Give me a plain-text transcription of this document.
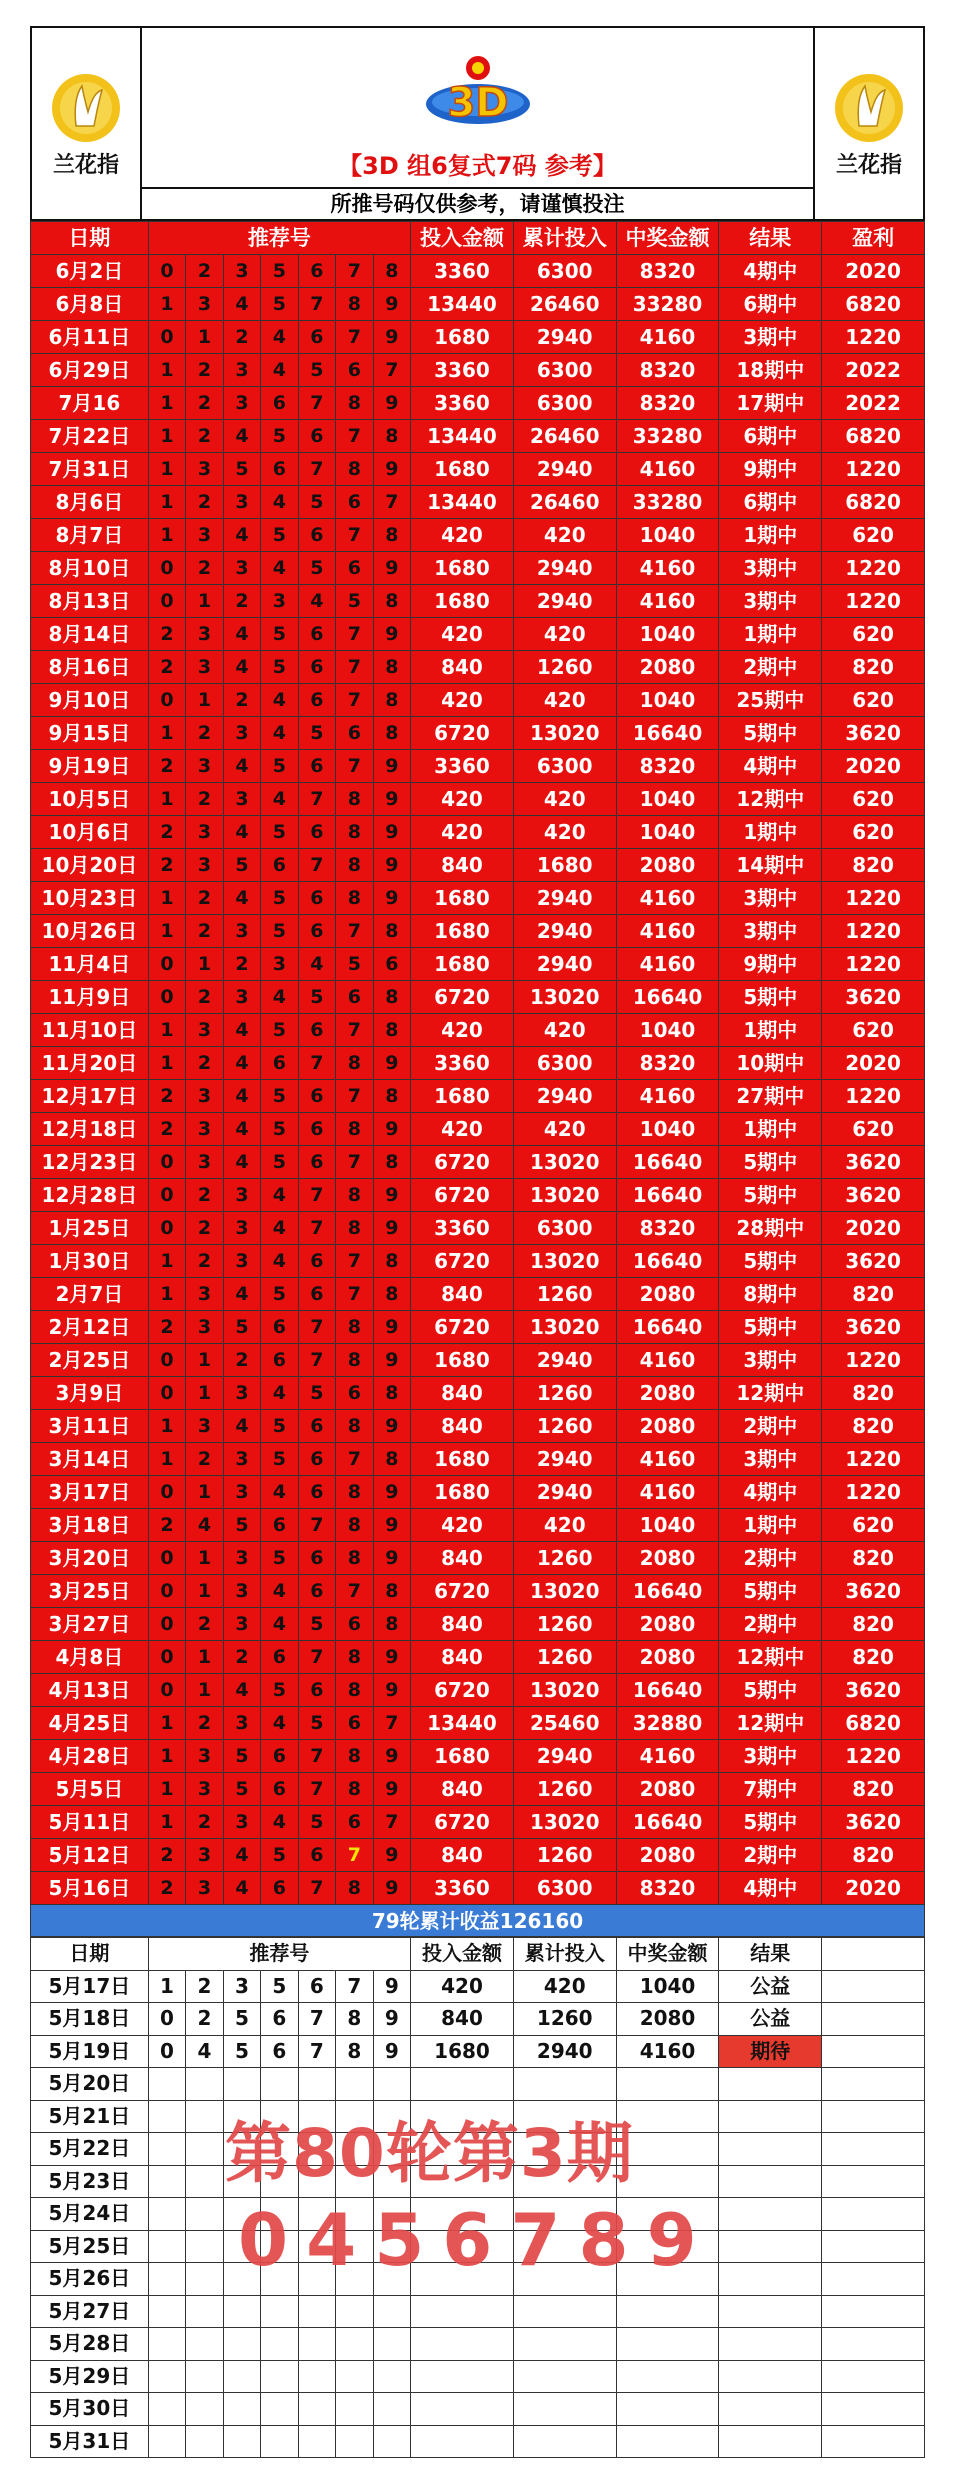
兰花指
3D
【3D 组6复式7码 参考】
所推号码仅供参考，请谨慎投注
兰花指
日期	推荐号							投入金额	累计投入	中奖金额	结果	盈利
6月2日	0	2	3	5	6	7	8	3360	6300	8320	4期中	2020
6月8日	1	3	4	5	7	8	9	13440	26460	33280	6期中	6820
6月11日	0	1	2	4	6	7	9	1680	2940	4160	3期中	1220
6月29日	1	2	3	4	5	6	7	3360	6300	8320	18期中	2022
7月16	1	2	3	6	7	8	9	3360	6300	8320	17期中	2022
7月22日	1	2	4	5	6	7	8	13440	26460	33280	6期中	6820
7月31日	1	3	5	6	7	8	9	1680	2940	4160	9期中	1220
8月6日	1	2	3	4	5	6	7	13440	26460	33280	6期中	6820
8月7日	1	3	4	5	6	7	8	420	420	1040	1期中	620
8月10日	0	2	3	4	5	6	9	1680	2940	4160	3期中	1220
8月13日	0	1	2	3	4	5	8	1680	2940	4160	3期中	1220
8月14日	2	3	4	5	6	7	9	420	420	1040	1期中	620
8月16日	2	3	4	5	6	7	8	840	1260	2080	2期中	820
9月10日	0	1	2	4	6	7	8	420	420	1040	25期中	620
9月15日	1	2	3	4	5	6	8	6720	13020	16640	5期中	3620
9月19日	2	3	4	5	6	7	9	3360	6300	8320	4期中	2020
10月5日	1	2	3	4	7	8	9	420	420	1040	12期中	620
10月6日	2	3	4	5	6	8	9	420	420	1040	1期中	620
10月20日	2	3	5	6	7	8	9	840	1680	2080	14期中	820
10月23日	1	2	4	5	6	8	9	1680	2940	4160	3期中	1220
10月26日	1	2	3	5	6	7	8	1680	2940	4160	3期中	1220
11月4日	0	1	2	3	4	5	6	1680	2940	4160	9期中	1220
11月9日	0	2	3	4	5	6	8	6720	13020	16640	5期中	3620
11月10日	1	3	4	5	6	7	8	420	420	1040	1期中	620
11月20日	1	2	4	6	7	8	9	3360	6300	8320	10期中	2020
12月17日	2	3	4	5	6	7	8	1680	2940	4160	27期中	1220
12月18日	2	3	4	5	6	8	9	420	420	1040	1期中	620
12月23日	0	3	4	5	6	7	8	6720	13020	16640	5期中	3620
12月28日	0	2	3	4	7	8	9	6720	13020	16640	5期中	3620
1月25日	0	2	3	4	7	8	9	3360	6300	8320	28期中	2020
1月30日	1	2	3	4	6	7	8	6720	13020	16640	5期中	3620
2月7日	1	3	4	5	6	7	8	840	1260	2080	8期中	820
2月12日	2	3	5	6	7	8	9	6720	13020	16640	5期中	3620
2月25日	0	1	2	6	7	8	9	1680	2940	4160	3期中	1220
3月9日	0	1	3	4	5	6	8	840	1260	2080	12期中	820
3月11日	1	3	4	5	6	8	9	840	1260	2080	2期中	820
3月14日	1	2	3	5	6	7	8	1680	2940	4160	3期中	1220
3月17日	0	1	3	4	6	8	9	1680	2940	4160	4期中	1220
3月18日	2	4	5	6	7	8	9	420	420	1040	1期中	620
3月20日	0	1	3	5	6	8	9	840	1260	2080	2期中	820
3月25日	0	1	3	4	6	7	8	6720	13020	16640	5期中	3620
3月27日	0	2	3	4	5	6	8	840	1260	2080	2期中	820
4月8日	0	1	2	6	7	8	9	840	1260	2080	12期中	820
4月13日	0	1	4	5	6	8	9	6720	13020	16640	5期中	3620
4月25日	1	2	3	4	5	6	7	13440	25460	32880	12期中	6820
4月28日	1	3	5	6	7	8	9	1680	2940	4160	3期中	1220
5月5日	1	3	5	6	7	8	9	840	1260	2080	7期中	820
5月11日	1	2	3	4	5	6	7	6720	13020	16640	5期中	3620
5月12日	2	3	4	5	6	7	9	840	1260	2080	2期中	820
5月16日	2	3	4	6	7	8	9	3360	6300	8320	4期中	2020
79轮累计收益126160
日期	推荐号							投入金额	累计投入	中奖金额	结果	
5月17日	1	2	3	5	6	7	9	420	420	1040	公益	
5月18日	0	2	5	6	7	8	9	840	1260	2080	公益	
5月19日	0	4	5	6	7	8	9	1680	2940	4160	期待	
5月20日												
5月21日												
5月22日												
5月23日												
5月24日												
5月25日												
5月26日												
5月27日												
5月28日												
5月29日												
5月30日												
5月31日												
第80轮第3期
0456789
